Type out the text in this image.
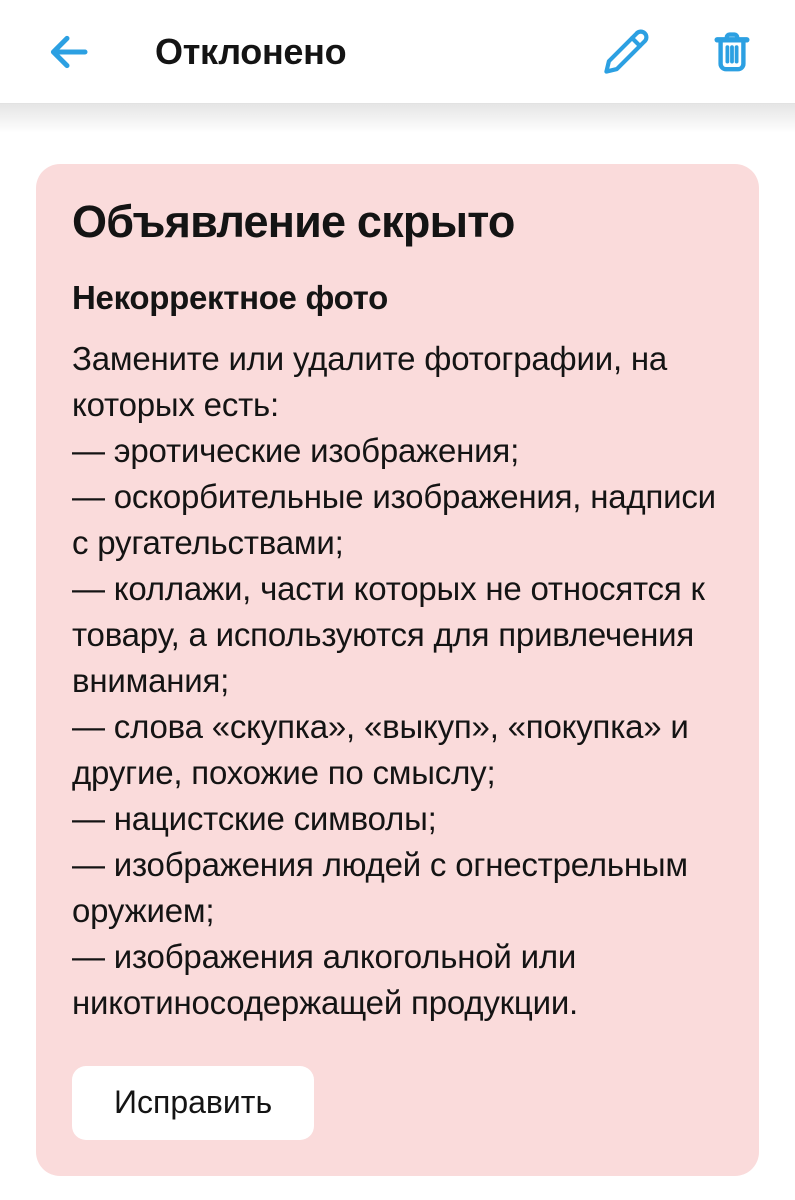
Отклонено
Объявление скрыто
Некорректное фото
Замените или удалите фотографии, на которых есть:
— эротические изображения;
— оскорбительные изображения, надписи с ругательствами;
— коллажи, части которых не относятся к товару, а используются для привлечения внимания;
— слова «скупка», «выкуп», «покупка» и другие, похожие по смыслу;
— нацистские символы;
— изображения людей с огнестрельным оружием;
— изображения алкогольной или никотиносодержащей продукции.
Исправить
